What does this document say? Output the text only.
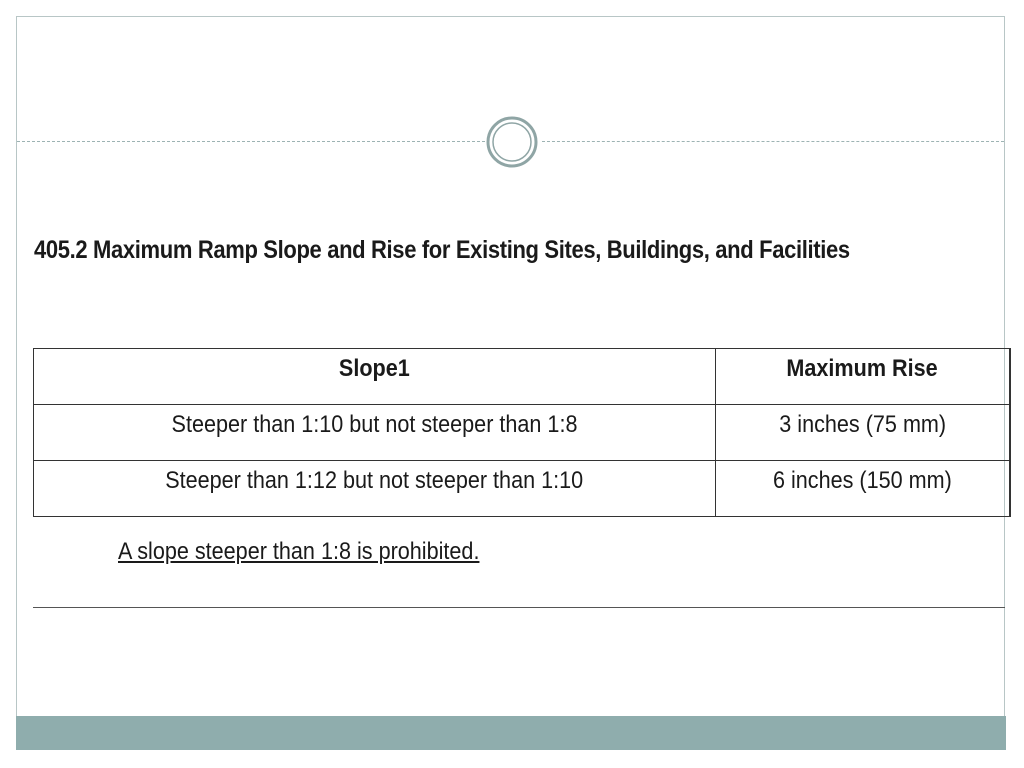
405.2 Maximum Ramp Slope and Rise for Existing Sites, Buildings, and Facilities
Slope1	Maximum Rise
Steeper than 1:10 but not steeper than 1:8	3 inches (75 mm)
Steeper than 1:12 but not steeper than 1:10	6 inches (150 mm)
A slope steeper than 1:8 is prohibited.
